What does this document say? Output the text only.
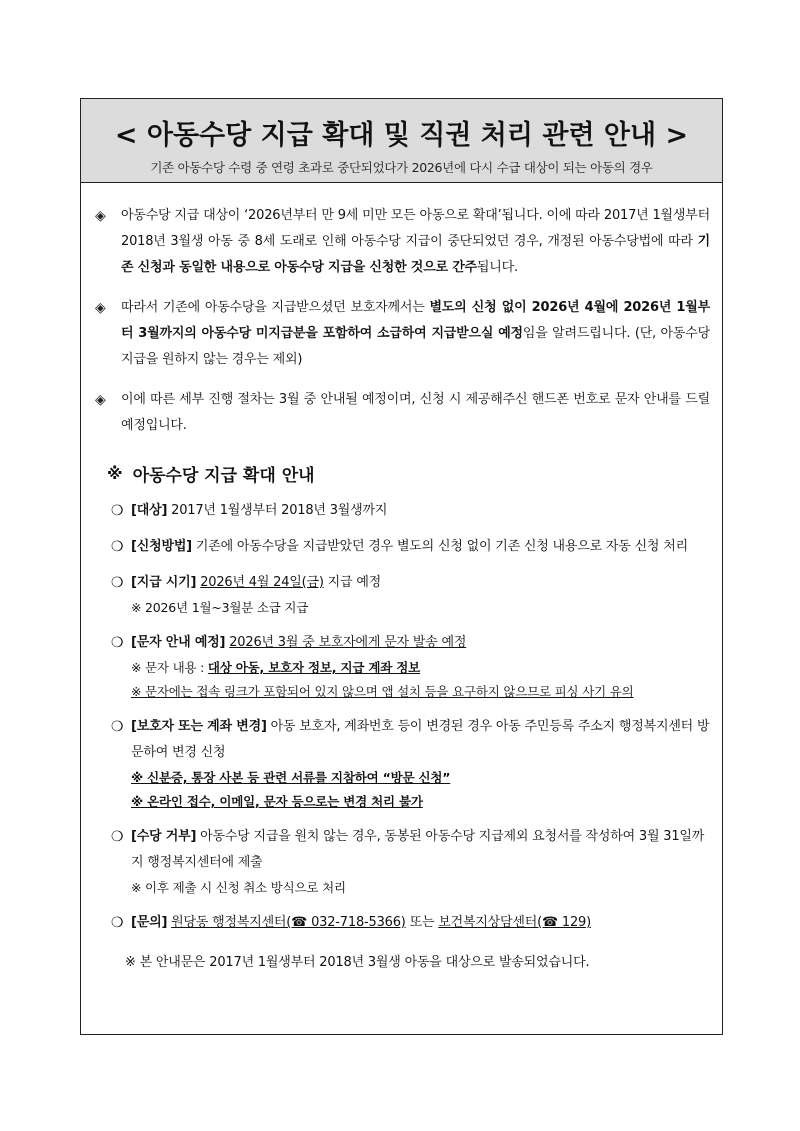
< 아동수당 지급 확대 및 직권 처리 관련 안내 >
기존 아동수당 수령 중 연령 초과로 중단되었다가 2026년에 다시 수급 대상이 되는 아동의 경우
◈	아동수당 지급 대상이 ‘2026년부터 만 9세 미만 모든 아동으로 확대’됩니다. 이에 따라 2017년 1월생부터 2018년 3월생 아동 중 8세 도래로 인해 아동수당 지급이 중단되었던 경우, 개정된 아동수당법에 따라 기존 신청과 동일한 내용으로 아동수당 지급을 신청한 것으로 간주됩니다.
◈	따라서 기존에 아동수당을 지급받으셨던 보호자께서는 별도의 신청 없이 2026년 4월에 2026년 1월부터 3월까지의 아동수당 미지급분을 포함하여 소급하여 지급받으실 예정임을 알려드립니다. (단, 아동수당 지급을 원하지 않는 경우는 제외)
◈	이에 따른 세부 진행 절차는 3월 중 안내될 예정이며, 신청 시 제공해주신 핸드폰 번호로 문자 안내를 드릴 예정입니다.
※ 아동수당 지급 확대 안내
❍ [대상] 2017년 1월생부터 2018년 3월생까지
❍ [신청방법] 기존에 아동수당을 지급받았던 경우 별도의 신청 없이 기존 신청 내용으로 자동 신청 처리
❍ [지급 시기] 2026년 4월 24일(금) 지급 예정
※ 2026년 1월~3월분 소급 지급
❍ [문자 안내 예정] 2026년 3월 중 보호자에게 문자 발송 예정
※ 문자 내용 : 대상 아동, 보호자 정보, 지급 계좌 정보
※ 문자에는 접속 링크가 포함되어 있지 않으며 앱 설치 등을 요구하지 않으므로 피싱 사기 유의
❍ [보호자 또는 계좌 변경] 아동 보호자, 계좌번호 등이 변경된 경우 아동 주민등록 주소지 행정복지센터 방문하여 변경 신청
※ 신분증, 통장 사본 등 관련 서류를 지참하여 “방문 신청”
※ 온라인 접수, 이메일, 문자 등으로는 변경 처리 불가
❍ [수당 거부] 아동수당 지급을 원치 않는 경우, 동봉된 아동수당 지급제외 요청서를 작성하여 3월 31일까지 행정복지센터에 제출
※ 이후 제출 시 신청 취소 방식으로 처리
❍ [문의] 원당동 행정복지센터(☎ 032-718-5366) 또는 보건복지상담센터(☎ 129)
※ 본 안내문은 2017년 1월생부터 2018년 3월생 아동을 대상으로 발송되었습니다.
